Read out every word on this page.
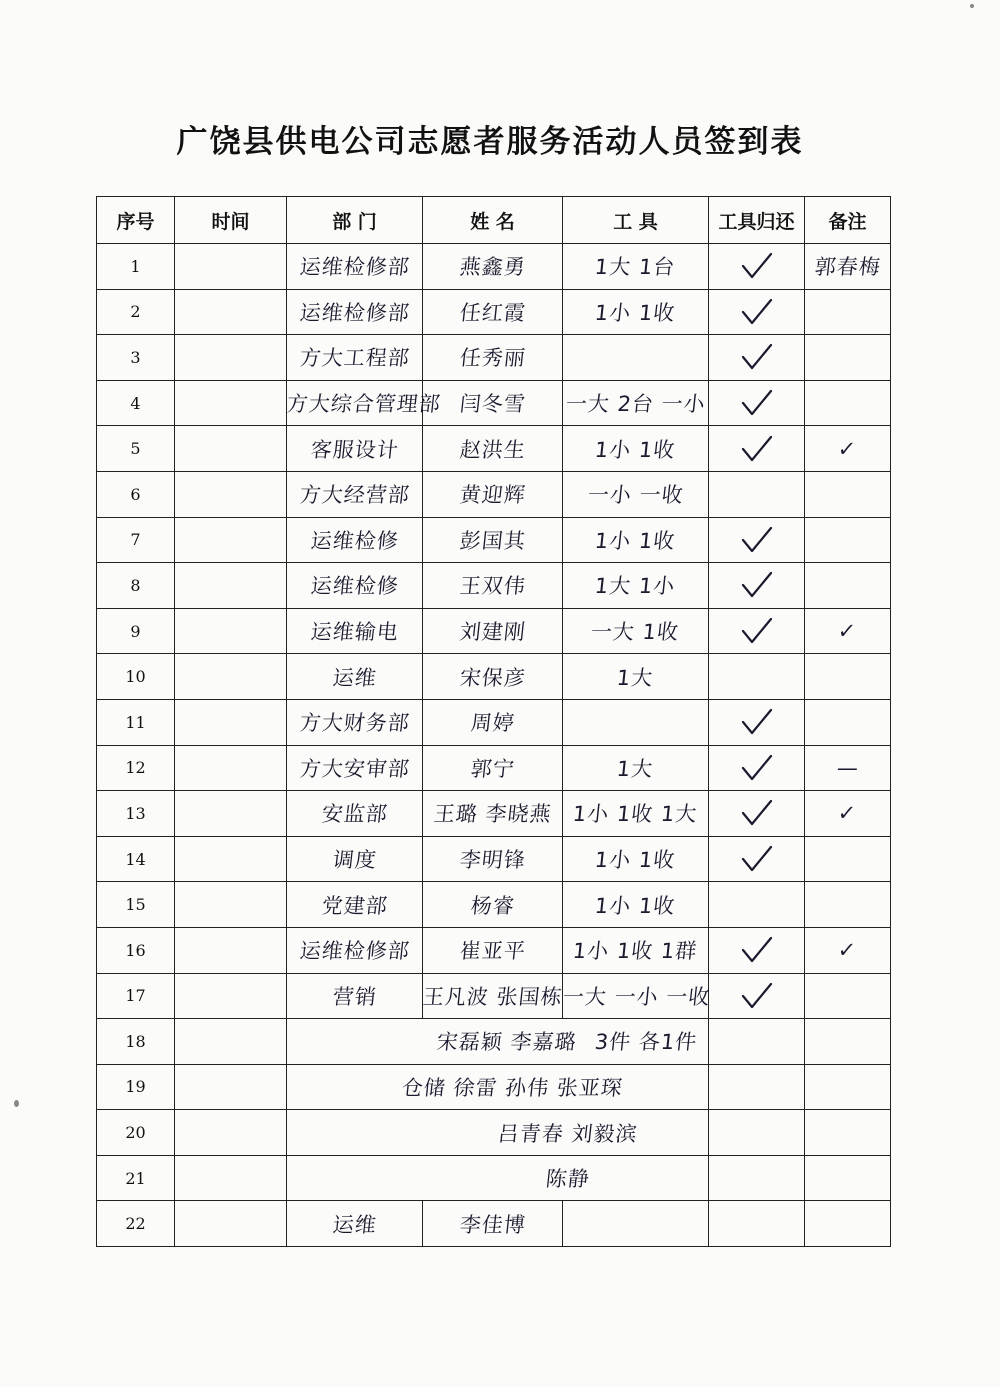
广饶县供电公司志愿者服务活动人员签到表
序号	时间	部 门	姓 名	工 具	工具归还	备注
1		运维检修部	燕鑫勇	1大 1台		郭春梅
2		运维检修部	任红霞	1小 1收		
3		方大工程部	任秀丽			
4		方大综合管理部	闫冬雪	一大 2台 一小		
5		客服设计	赵洪生	1小 1收		✓
6		方大经营部	黄迎辉	一小 一收		
7		运维检修	彭国其	1小 1收		
8		运维检修	王双伟	1大 1小		
9		运维输电	刘建刚	一大 1收		✓
10		运维	宋保彦	1大		
11		方大财务部	周婷			
12		方大安审部	郭宁	1大		—
13		安监部	王璐 李晓燕	1小 1收 1大		✓
14		调度	李明锋	1小 1收		
15		党建部	杨睿	1小 1收		
16		运维检修部	崔亚平	1小 1收 1群		✓
17		营销	王凡波 张国栋	一大 一小 一收		
18		宋磊颖 李嘉璐 3件 各1件				
19		仓储 徐雷 孙伟 张亚琛				
20		吕青春 刘毅滨				
21		陈静				
22		运维	李佳博			
